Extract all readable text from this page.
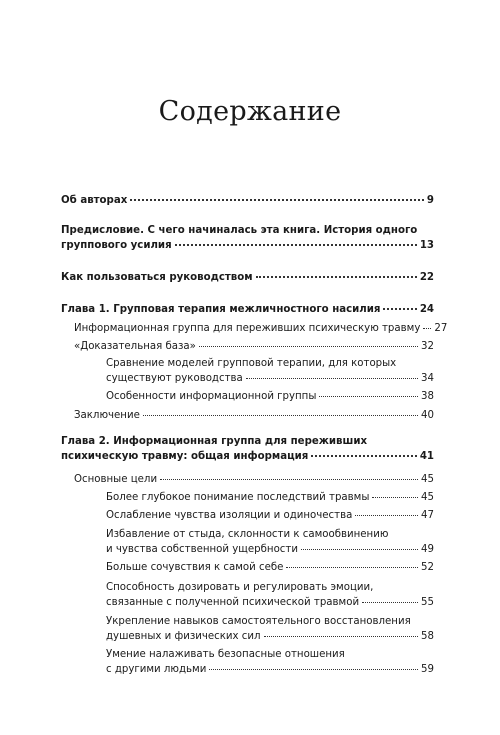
Содержание
Об авторах	9
Предисловие. С чего начиналась эта книга. История одного
группового усилия	13
Как пользоваться руководством	22
Глава 1. Групповая терапия межличностного насилия	24
Информационная группа для переживших психическую травму 27
«Доказательная база»	32
Сравнение моделей групповой терапии, для которых
существуют руководства	34
Особенности информационной группы	38
Заключение	40
Глава 2. Информационная группа для переживших
психическую травму: общая информация	41
Основные цели	45
Более глубокое понимание последствий травмы	45
Ослабление чувства изоляции и одиночества	47
Избавление от стыда, склонности к самообвинению
и чувства собственной ущербности	49
Больше сочувствия к самой себе	52
Способность дозировать и регулировать эмоции,
связанные с полученной психической травмой	55
Укрепление навыков самостоятельного восстановления
душевных и физических сил	58
Умение налаживать безопасные отношения
с другими людьми	59
